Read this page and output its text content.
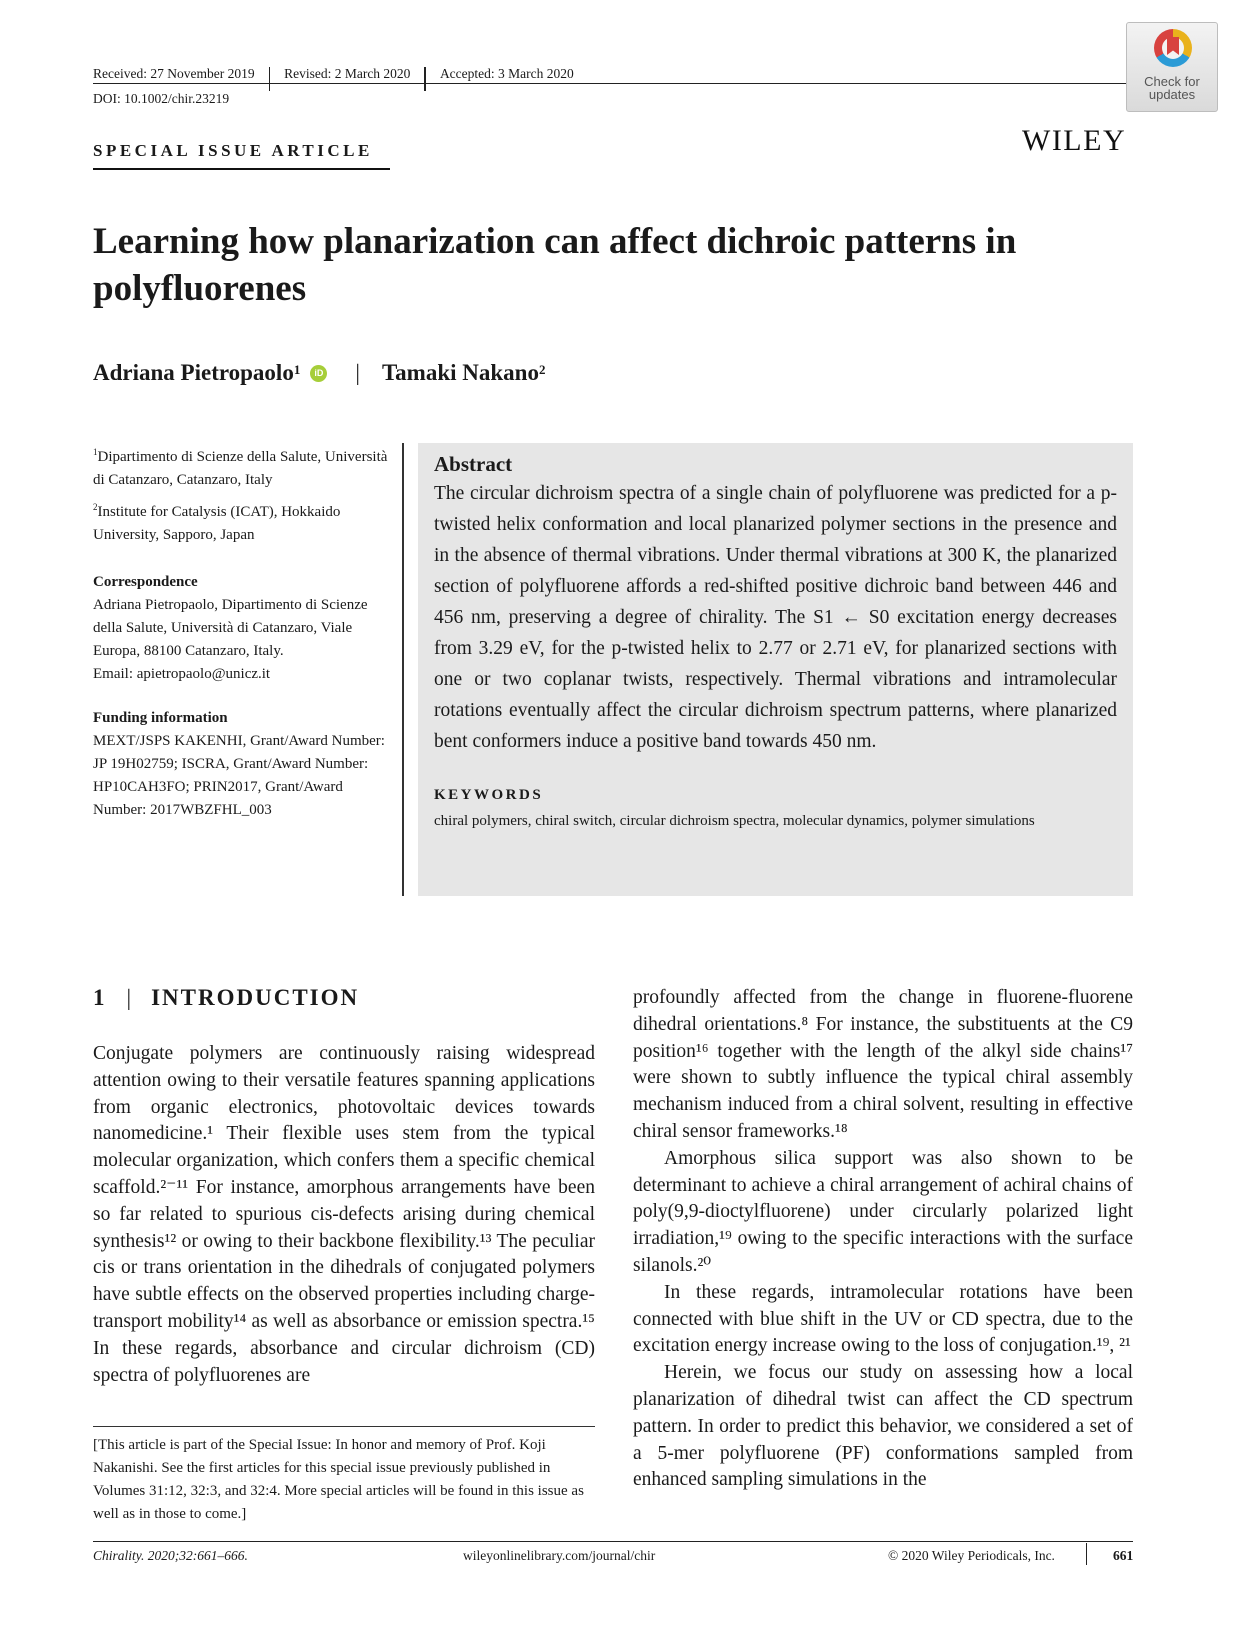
Received: 27 November 2019 Revised: 2 March 2020 Accepted: 3 March 2020
DOI: 10.1002/chir.23219
Check for
updates
WILEY
SPECIAL ISSUE ARTICLE
Learning how planarization can affect dichroic patterns in polyfluorenes
Adriana Pietropaolo$^1$	iD | Tamaki Nakano$^2$
$^1$Dipartimento di Scienze della Salute, Università di Catanzaro, Catanzaro, Italy
$^2$Institute for Catalysis (ICAT), Hokkaido University, Sapporo, Japan
Correspondence
Adriana Pietropaolo, Dipartimento di Scienze della Salute, Università di Catanzaro, Viale Europa, 88100 Catanzaro, Italy.
Email: apietropaolo@unicz.it
Funding information
MEXT/JSPS KAKENHI, Grant/Award Number: JP 19H02759; ISCRA, Grant/Award Number: HP10CAH3FO; PRIN2017, Grant/Award Number: 2017WBZFHL_003
Abstract
The circular dichroism spectra of a single chain of polyfluorene was predicted for a p-twisted helix conformation and local planarized polymer sections in the presence and in the absence of thermal vibrations. Under thermal vibrations at 300 K, the planarized section of polyfluorene affords a red-shifted positive dichroic band between 446 and 456 nm, preserving a degree of chirality. The S1 ← S0 excitation energy decreases from 3.29 eV, for the p-twisted helix to 2.77 or 2.71 eV, for planarized sections with one or two coplanar twists, respectively. Thermal vibrations and intramolecular rotations eventually affect the circular dichroism spectrum patterns, where planarized bent conformers induce a positive band towards 450 nm.
KEYWORDS
chiral polymers, chiral switch, circular dichroism spectra, molecular dynamics, polymer simulations
1 | INTRODUCTION

Conjugate polymers are continuously raising widespread attention owing to their versatile features spanning applications from organic electronics, photovoltaic devices towards nanomedicine.¹ Their flexible uses stem from the typical molecular organization, which confers them a specific chemical scaffold.²⁻¹¹ For instance, amorphous arrangements have been so far related to spurious cis-defects arising during chemical synthesis¹² or owing to their backbone flexibility.¹³ The peculiar cis or trans orientation in the dihedrals of conjugated polymers have subtle effects on the observed properties including charge-transport mobility¹⁴ as well as absorbance or emission spectra.¹⁵ In these regards, absorbance and circular dichroism (CD) spectra of polyfluorenes are

profoundly affected from the change in fluorene-fluorene dihedral orientations.⁸ For instance, the substituents at the C9 position¹⁶ together with the length of the alkyl side chains¹⁷ were shown to subtly influence the typical chiral assembly mechanism induced from a chiral solvent, resulting in effective chiral sensor frameworks.¹⁸

Amorphous silica support was also shown to be determinant to achieve a chiral arrangement of achiral chains of poly(9,9-dioctylfluorene) under circularly polarized light irradiation,¹⁹ owing to the specific interactions with the surface silanols.²⁰

In these regards, intramolecular rotations have been connected with blue shift in the UV or CD spectra, due to the excitation energy increase owing to the loss of conjugation.¹⁹, ²¹

Herein, we focus our study on assessing how a local planarization of dihedral twist can affect the CD spectrum pattern. In order to predict this behavior, we considered a set of a 5-mer polyfluorene (PF) conformations sampled from enhanced sampling simulations in the

[This article is part of the Special Issue: In honor and memory of Prof. Koji Nakanishi. See the first articles for this special issue previously published in Volumes 31:12, 32:3, and 32:4. More special articles will be found in this issue as well as in those to come.]
Chirality. 2020;32:661–666.	wileyonlinelibrary.com/journal/chir	© 2020 Wiley Periodicals, Inc.	661
